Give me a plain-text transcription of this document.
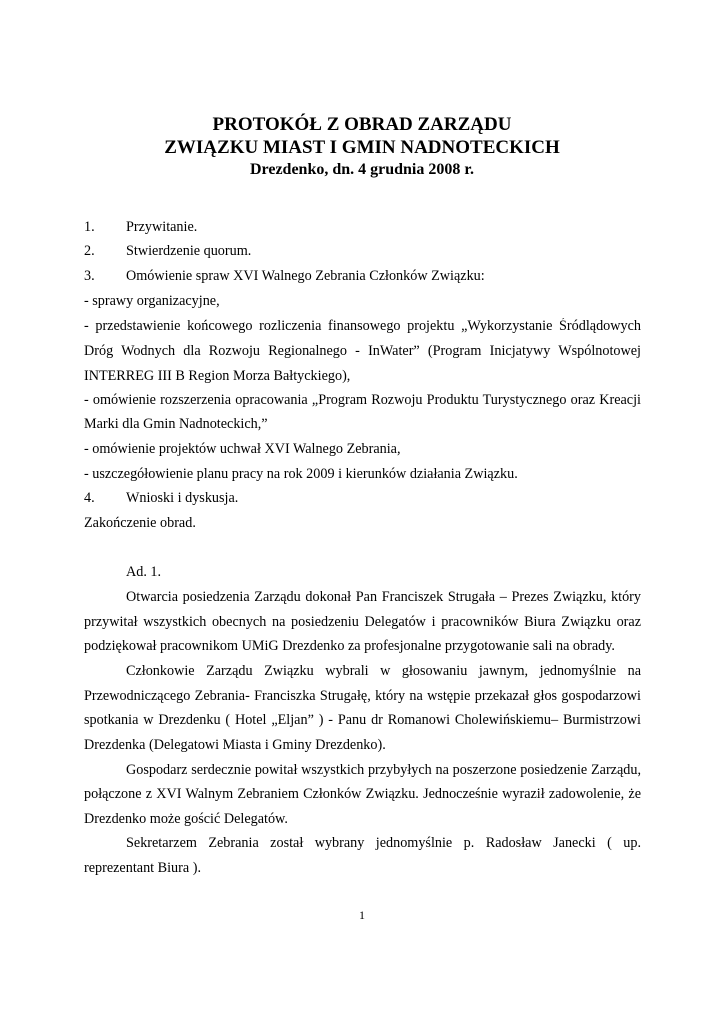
PROTOKÓŁ Z OBRAD ZARZĄDU
ZWIĄZKU MIAST I GMIN NADNOTECKICH
Drezdenko, dn. 4 grudnia 2008 r.
1. Przywitanie.
2. Stwierdzenie quorum.
3. Omówienie spraw XVI Walnego Zebrania Członków Związku:
- sprawy organizacyjne,
- przedstawienie końcowego rozliczenia finansowego projektu „Wykorzystanie Śródlądowych
Dróg Wodnych dla Rozwoju Regionalnego - InWater” (Program Inicjatywy Wspólnotowej
INTERREG III B Region Morza Bałtyckiego),
- omówienie rozszerzenia opracowania „Program Rozwoju Produktu Turystycznego oraz Kreacji
Marki dla Gmin Nadnoteckich,”
- omówienie projektów uchwał XVI Walnego Zebrania,
- uszczegółowienie planu pracy na rok 2009 i kierunków działania Związku.
4. Wnioski i dyskusja.
Zakończenie obrad.
Ad. 1.
Otwarcia posiedzenia Zarządu dokonał Pan Franciszek Strugała – Prezes Związku, który
przywitał wszystkich obecnych na posiedzeniu Delegatów i pracowników Biura Związku oraz
podziękował pracownikom UMiG Drezdenko za profesjonalne przygotowanie sali na obrady.
Członkowie Zarządu Związku wybrali w głosowaniu jawnym, jednomyślnie na
Przewodniczącego Zebrania- Franciszka Strugałę, który na wstępie przekazał głos gospodarzowi
spotkania w Drezdenku ( Hotel „Eljan” ) - Panu dr Romanowi Cholewińskiemu– Burmistrzowi
Drezdenka (Delegatowi Miasta i Gminy Drezdenko).
Gospodarz serdecznie powitał wszystkich przybyłych na poszerzone posiedzenie Zarządu,
połączone z XVI Walnym Zebraniem Członków Związku. Jednocześnie wyraził zadowolenie, że
Drezdenko może gościć Delegatów.
Sekretarzem Zebrania został wybrany jednomyślnie p. Radosław Janecki ( up.
reprezentant Biura ).
1
